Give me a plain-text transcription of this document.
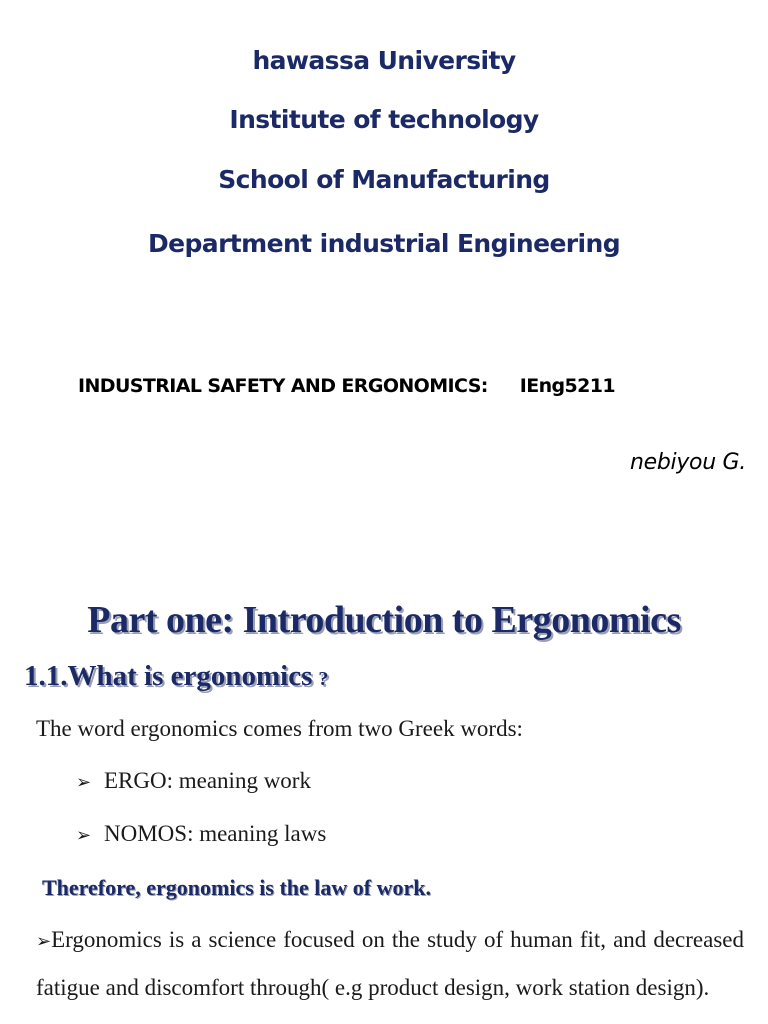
hawassa University
Institute of technology
School of Manufacturing
Department industrial Engineering
INDUSTRIAL SAFETY AND ERGONOMICS: IEng5211
nebiyou G.
Part one: Introduction to Ergonomics
1.1.What is ergonomics ?
The word ergonomics comes from two Greek words:
➢ ERGO: meaning work
➢ NOMOS: meaning laws
Therefore, ergonomics is the law of work.
➢Ergonomics is a science focused on the study of human fit, and decreased fatigue and discomfort through( e.g product design, work station design).
